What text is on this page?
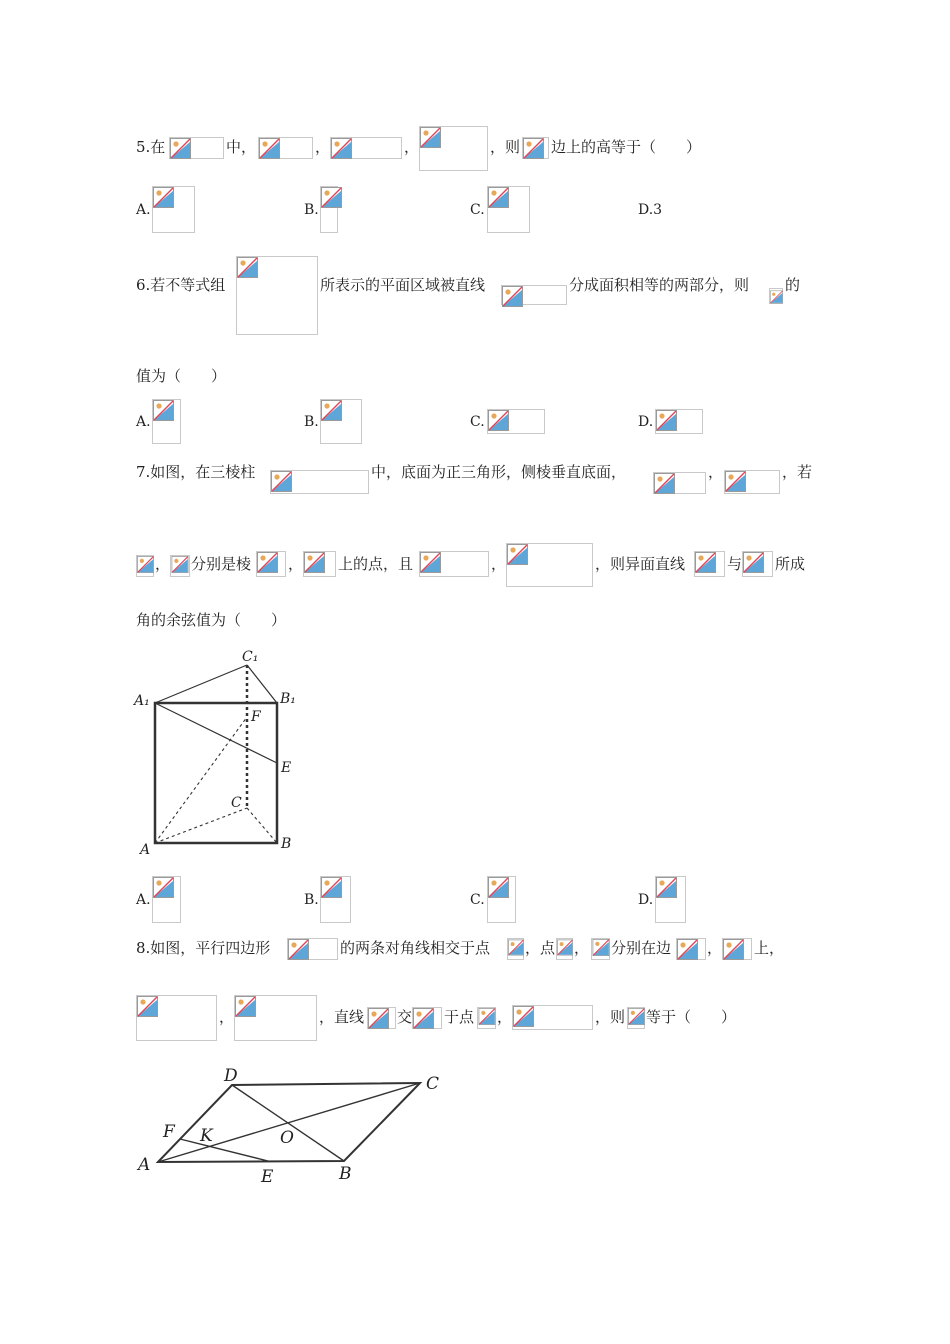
5.在	中，	，	，	，则 边上的高等于（　　）
A.	B.	C.	D.3
6.若不等式组	所表示的平面区域被直线	分成面积相等的两部分，则 的
值为（　　）
A.	B.	C.	D.
7.如图，在三棱柱	中，底面为正三角形，侧棱垂直底面，	，	，若
， 分别是棱 ， 上的点，且	，	，则异面直线	与 所成
角的余弦值为（　　）
A₁
C₁
B₁
F
E
C
A	B
A.	B.	C.	D.
8.如图，平行四边形	的两条对角线相交于点 ，点 ， 分别在边 ， 上，
，	，直线 交 于点 ，	，则 等于（　　）
D	C
F K	O
A
E	B
